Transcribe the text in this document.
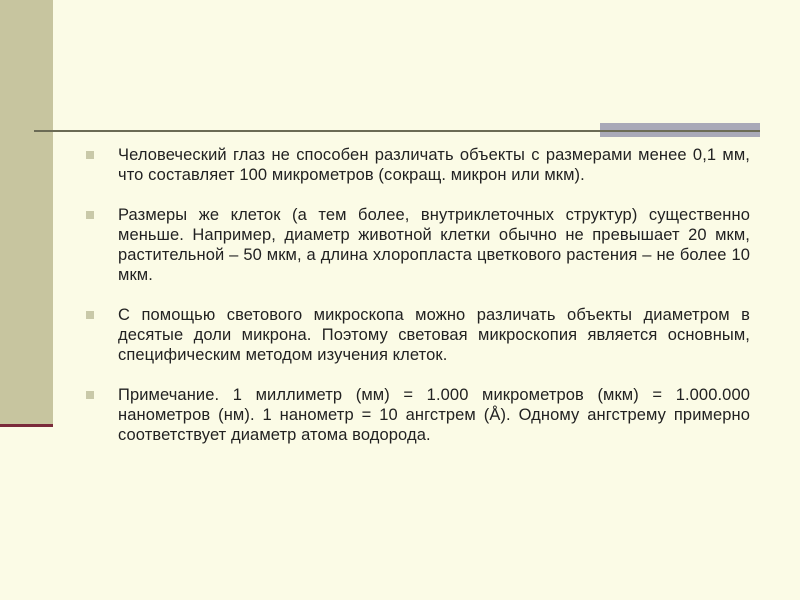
Человеческий глаз не способен различать объекты с размерами менее 0,1 мм, что составляет 100 микрометров (сокращ. микрон или мкм).
Размеры же клеток (а тем более, внутриклеточных структур) существенно меньше. Например, диаметр животной клетки обычно не превышает 20 мкм, растительной – 50 мкм, а длина хлоропласта цветкового растения – не более 10 мкм.
С помощью светового микроскопа можно различать объекты диаметром в десятые доли микрона. Поэтому световая микроскопия является основным, специфическим методом изучения клеток.
Примечание. 1 миллиметр (мм) = 1.000 микрометров (мкм) = 1.000.000 нанометров (нм). 1 нанометр = 10 ангстрем (Å). Одному ангстрему примерно соответствует диаметр атома водорода.
